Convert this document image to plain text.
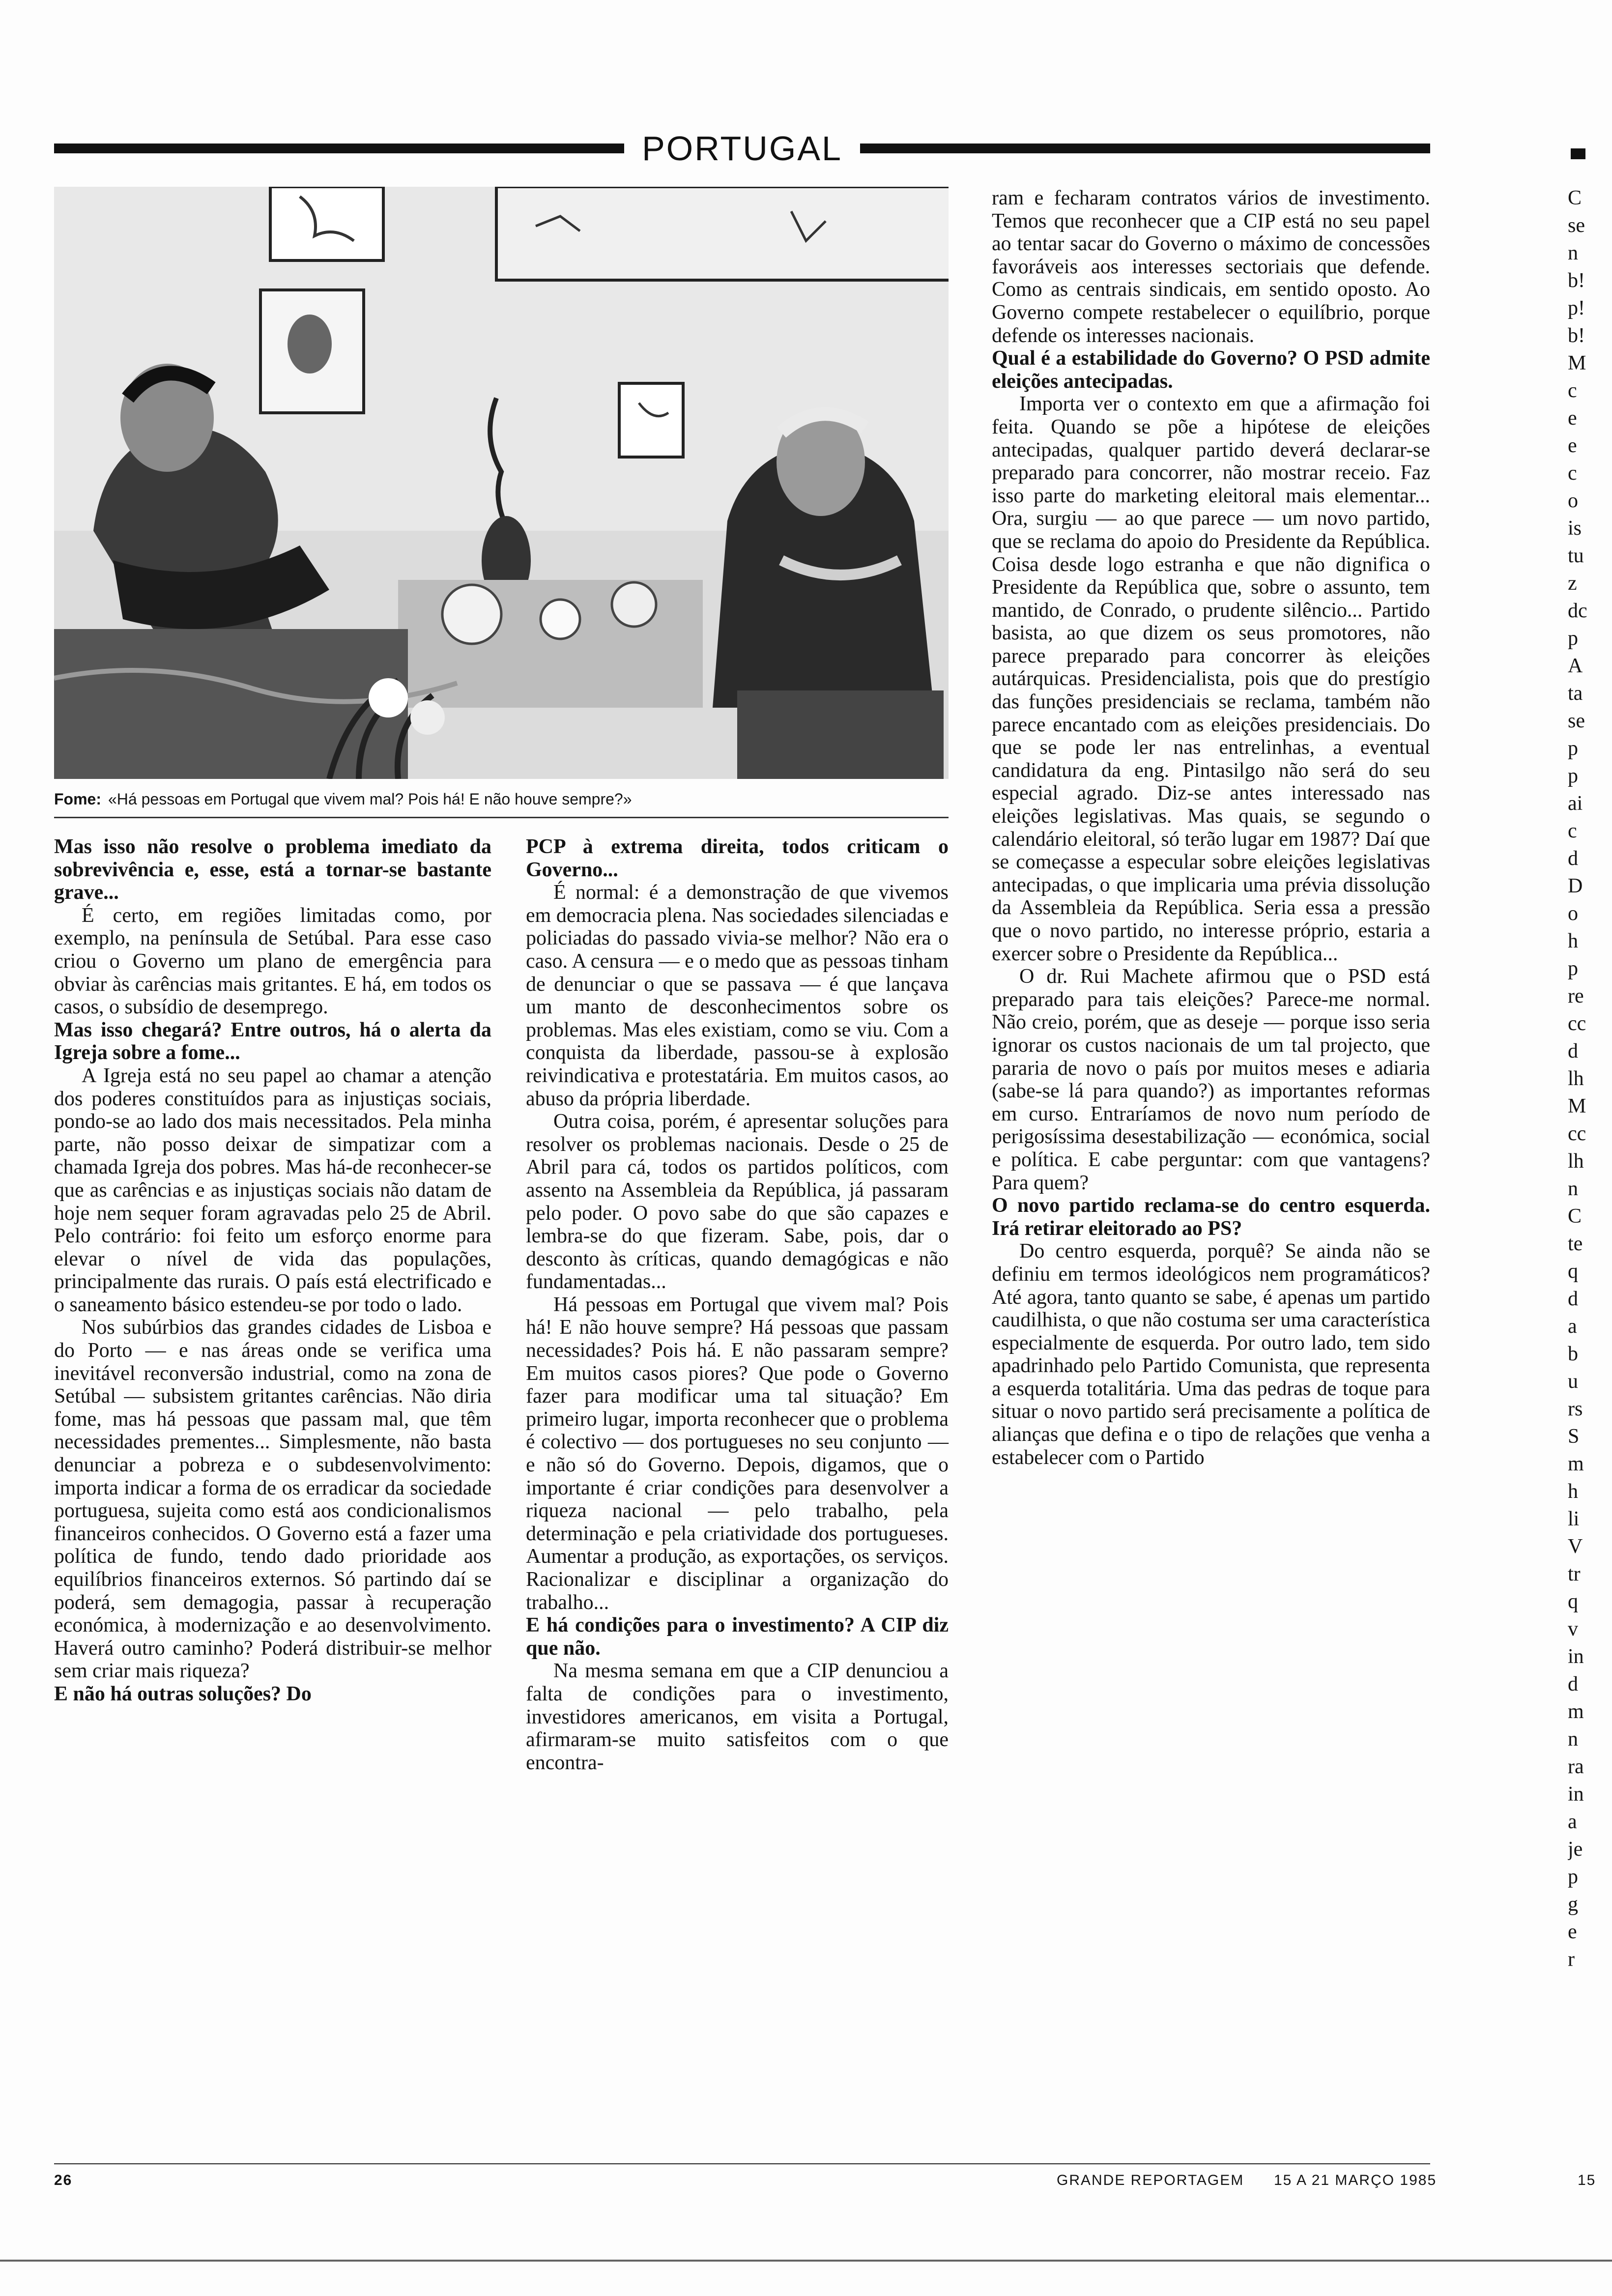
PORTUGAL
Fome: «Há pessoas em Portugal que vivem mal? Pois há! E não houve sempre?»

Mas isso não resolve o problema imediato da sobrevivência e, esse, está a tornar-se bastante grave...

É certo, em regiões limitadas como, por exemplo, na península de Setúbal. Para esse caso criou o Governo um plano de emergência para obviar às carências mais gritantes. E há, em todos os casos, o subsídio de desemprego.

Mas isso chegará? Entre outros, há o alerta da Igreja sobre a fome...

A Igreja está no seu papel ao chamar a atenção dos poderes constituídos para as injustiças sociais, pondo-se ao lado dos mais necessitados. Pela minha parte, não posso deixar de simpatizar com a chamada Igreja dos pobres. Mas há-de reconhecer-se que as carências e as injustiças sociais não datam de hoje nem sequer foram agravadas pelo 25 de Abril. Pelo contrário: foi feito um esforço enorme para elevar o nível de vida das populações, principalmente das rurais. O país está electrificado e o saneamento básico estendeu-se por todo o lado.

Nos subúrbios das grandes cidades de Lisboa e do Porto — e nas áreas onde se verifica uma inevitável reconversão industrial, como na zona de Setúbal — subsistem gritantes carências. Não diria fome, mas há pessoas que passam mal, que têm necessidades prementes... Simplesmente, não basta denunciar a pobreza e o subdesenvolvimento: importa indicar a forma de os erradicar da sociedade portuguesa, sujeita como está aos condicionalismos financeiros conhecidos. O Governo está a fazer uma política de fundo, tendo dado prioridade aos equilíbrios financeiros externos. Só partindo daí se poderá, sem demagogia, passar à recuperação económica, à modernização e ao desenvolvimento. Haverá outro caminho? Poderá distribuir-se melhor sem criar mais riqueza?

E não há outras soluções? Do

PCP à extrema direita, todos criticam o Governo...

É normal: é a demonstração de que vivemos em democracia plena. Nas sociedades silenciadas e policiadas do passado vivia-se melhor? Não era o caso. A censura — e o medo que as pessoas tinham de denunciar o que se passava — é que lançava um manto de desconhecimentos sobre os problemas. Mas eles existiam, como se viu. Com a conquista da liberdade, passou-se à explosão reivindicativa e protestatária. Em muitos casos, ao abuso da própria liberdade.

Outra coisa, porém, é apresentar soluções para resolver os problemas nacionais. Desde o 25 de Abril para cá, todos os partidos políticos, com assento na Assembleia da República, já passaram pelo poder. O povo sabe do que são capazes e lembra-se do que fizeram. Sabe, pois, dar o desconto às críticas, quando demagógicas e não fundamentadas...

Há pessoas em Portugal que vivem mal? Pois há! E não houve sempre? Há pessoas que passam necessidades? Pois há. E não passaram sempre? Em muitos casos piores? Que pode o Governo fazer para modificar uma tal situação? Em primeiro lugar, importa reconhecer que o problema é colectivo — dos portugueses no seu conjunto — e não só do Governo. Depois, digamos, que o importante é criar condições para desenvolver a riqueza nacional — pelo trabalho, pela determinação e pela criatividade dos portugueses. Aumentar a produção, as exportações, os serviços. Racionalizar e disciplinar a organização do trabalho...

E há condições para o investimento? A CIP diz que não.

Na mesma semana em que a CIP denunciou a falta de condições para o investimento, investidores americanos, em visita a Portugal, afirmaram-se muito satisfeitos com o que encontra-

ram e fecharam contratos vários de investimento. Temos que reconhecer que a CIP está no seu papel ao tentar sacar do Governo o máximo de concessões favoráveis aos interesses sectoriais que defende. Como as centrais sindicais, em sentido oposto. Ao Governo compete restabelecer o equilíbrio, porque defende os interesses nacionais.

Qual é a estabilidade do Governo? O PSD admite eleições antecipadas.

Importa ver o contexto em que a afirmação foi feita. Quando se põe a hipótese de eleições antecipadas, qualquer partido deverá declarar-se preparado para concorrer, não mostrar receio. Faz isso parte do marketing eleitoral mais elementar... Ora, surgiu — ao que parece — um novo partido, que se reclama do apoio do Presidente da República. Coisa desde logo estranha e que não dignifica o Presidente da República que, sobre o assunto, tem mantido, de Conrado, o prudente silêncio... Partido basista, ao que dizem os seus promotores, não parece preparado para concorrer às eleições autárquicas. Presidencialista, pois que do prestígio das funções presidenciais se reclama, também não parece encantado com as eleições presidenciais. Do que se pode ler nas entrelinhas, a eventual candidatura da eng. Pintasilgo não será do seu especial agrado. Diz-se antes interessado nas eleições legislativas. Mas quais, se segundo o calendário eleitoral, só terão lugar em 1987? Daí que se começasse a especular sobre eleições legislativas antecipadas, o que implicaria uma prévia dissolução da Assembleia da República. Seria essa a pressão que o novo partido, no interesse próprio, estaria a exercer sobre o Presidente da República...

O dr. Rui Machete afirmou que o PSD está preparado para tais eleições? Parece-me normal. Não creio, porém, que as deseje — porque isso seria ignorar os custos nacionais de um tal projecto, que pararia de novo o país por muitos meses e adiaria (sabe-se lá para quando?) as importantes reformas em curso. Entraríamos de novo num período de perigosíssima desestabilização — económica, social e política. E cabe perguntar: com que vantagens? Para quem?

O novo partido reclama-se do centro esquerda. Irá retirar eleitorado ao PS?

Do centro esquerda, porquê? Se ainda não se definiu em termos ideológicos nem programáticos? Até agora, tanto quanto se sabe, é apenas um partido caudilhista, o que não costuma ser uma característica especialmente de esquerda. Por outro lado, tem sido apadrinhado pelo Partido Comunista, que representa a esquerda totalitária. Uma das pedras de toque para situar o novo partido será precisamente a política de alianças que defina e o tipo de relações que venha a estabelecer com o Partido

26	GRANDE REPORTAGEM 15 A 21 MARÇO 1985	15
C
se
n
b!
p!
b!
M
c
e
e
c
o
is
tu
z
dc
p
A
ta
se
p
p
ai
c
d
D
o
h
p
re
cc
d
lh
M
cc
lh
n
C
te
q
d
a
b
u
rs
S
m
h
li
V
tr
q
v
in
d
m
n
ra
in
a
je
p
g
e
r
